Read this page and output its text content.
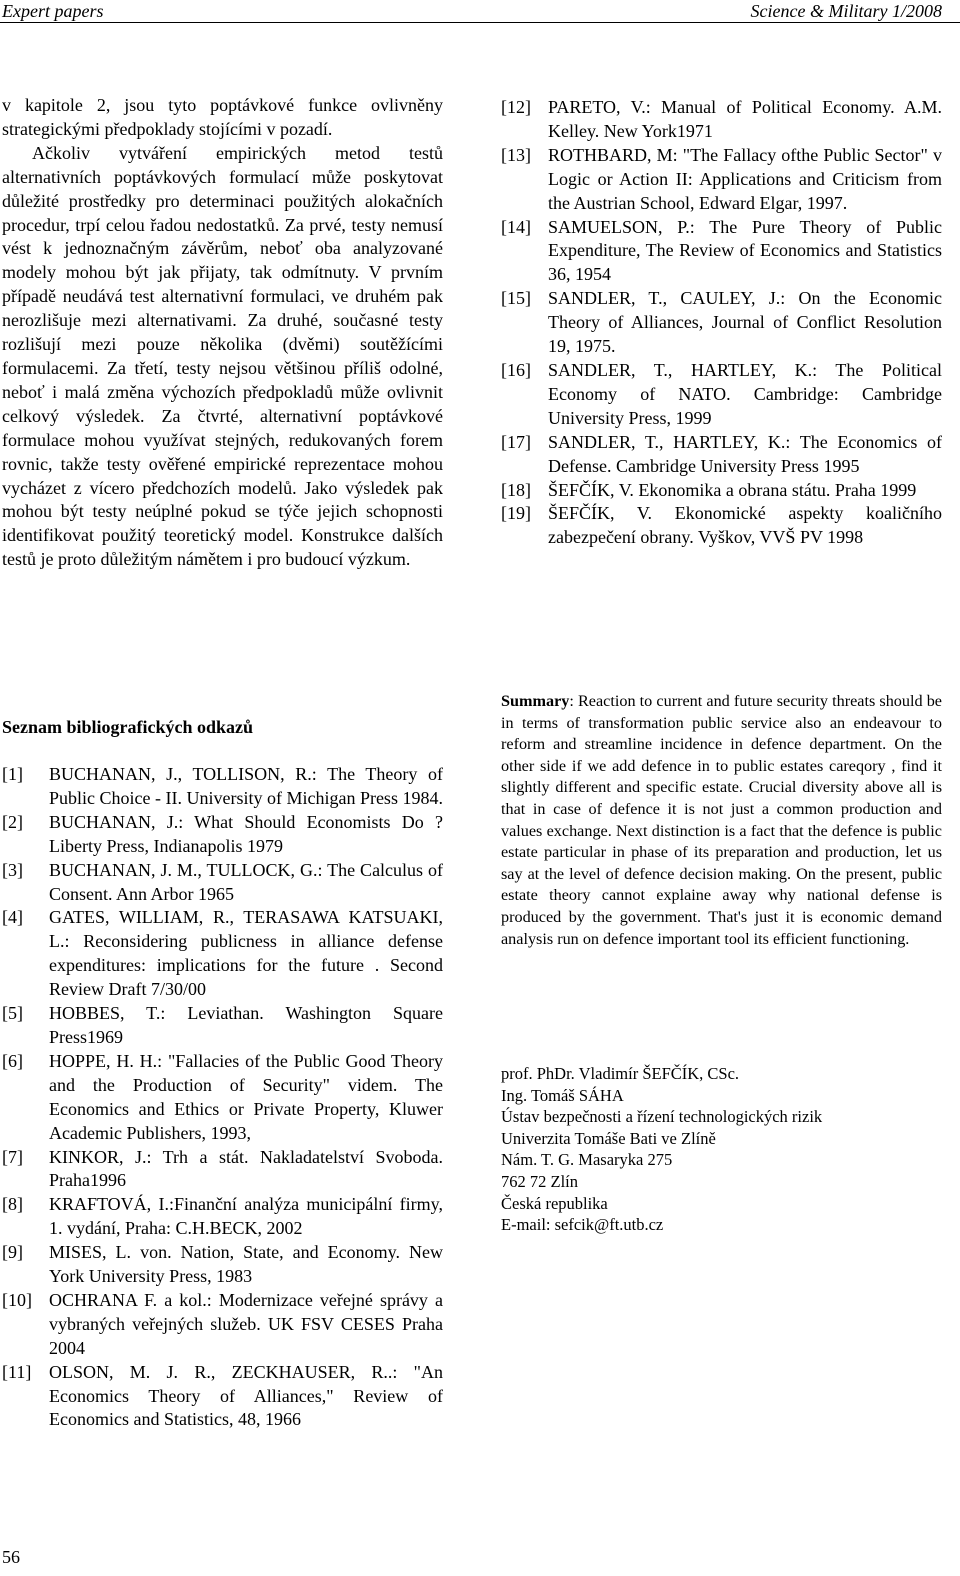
Expert papers	Science & Military 1/2008

v kapitole 2, jsou tyto poptávkové funkce ovlivněny strategickými předpoklady stojícími v pozadí.

Ačkoliv vytváření empirických metod testů alternativních poptávkových formulací může poskytovat důležité prostředky pro determinaci použitých alokačních procedur, trpí celou řadou nedostatků. Za prvé, testy nemusí vést k jednoznačným závěrům, neboť oba analyzované modely mohou být jak přijaty, tak odmítnuty. V prvním případě neudává test alternativní formulaci, ve druhém pak nerozlišuje mezi alternativami. Za druhé, současné testy rozlišují mezi pouze několika (dvěmi) soutěžícími formulacemi. Za třetí, testy nejsou většinou příliš odolné, neboť i malá změna výchozích předpokladů může ovlivnit celkový výsledek. Za čtvrté, alternativní poptávkové formulace mohou využívat stejných, redukovaných forem rovnic, takže testy ověřené empirické reprezentace mohou vycházet z vícero předchozích modelů. Jako výsledek pak mohou být testy neúplné pokud se týče jejich schopnosti identifikovat použitý teoretický model. Konstrukce dalších testů je proto důležitým námětem i pro budoucí výzkum.

Seznam bibliografických odkazů
[1] BUCHANAN, J., TOLLISON, R.: The Theory of Public Choice - II. University of Michigan Press 1984.
[2] BUCHANAN, J.: What Should Economists Do ? Liberty Press, Indianapolis 1979
[3] BUCHANAN, J. M., TULLOCK, G.: The Calculus of Consent. Ann Arbor 1965
[4] GATES, WILLIAM, R., TERASAWA KATSUAKI, L.: Reconsidering publicness in alliance defense expenditures: implications for the future . Second Review Draft 7/30/00
[5] HOBBES, T.: Leviathan. Washington Square Press1969
[6] HOPPE, H. H.: "Fallacies of the Public Good Theory and the Production of Security" videm. The Economics and Ethics or Private Property, Kluwer Academic Publishers, 1993,
[7] KINKOR, J.: Trh a stát. Nakladatelství Svoboda. Praha1996
[8] KRAFTOVÁ, I.:Finanční analýza municipální firmy, 1. vydání, Praha: C.H.BECK, 2002
[9] MISES, L. von. Nation, State, and Economy. New York University Press, 1983
[10] OCHRANA F. a kol.: Modernizace veřejné správy a vybraných veřejných služeb. UK FSV CESES Praha 2004
[11] OLSON, M. J. R., ZECKHAUSER, R..: "An Economics Theory of Alliances," Review of Economics and Statistics, 48, 1966
[12] PARETO, V.: Manual of Political Economy. A.M. Kelley. New York1971
[13] ROTHBARD, M: "The Fallacy ofthe Public Sector" v Logic or Action II: Applications and Criticism from the Austrian School, Edward Elgar, 1997.
[14] SAMUELSON, P.: The Pure Theory of Public Expenditure, The Review of Economics and Statistics 36, 1954
[15] SANDLER, T., CAULEY, J.: On the Economic Theory of Alliances, Journal of Conflict Resolution 19, 1975.
[16] SANDLER, T., HARTLEY, K.: The Political Economy of NATO. Cambridge: Cambridge University Press, 1999
[17] SANDLER, T., HARTLEY, K.: The Economics of Defense. Cambridge University Press 1995
[18] ŠEFČÍK, V. Ekonomika a obrana státu. Praha 1999
[19] ŠEFČÍK, V. Ekonomické aspekty koaličního zabezpečení obrany. Vyškov, VVŠ PV 1998

Summary: Reaction to current and future security threats should be in terms of transformation public service also an endeavour to reform and streamline incidence in defence department. On the other side if we add defence in to public estates careqory , find it slightly different and specific estate. Crucial diversity above all is that in case of defence it is not just a common production and values exchange. Next distinction is a fact that the defence is public estate particular in phase of its preparation and production, let us say at the level of defence decision making. On the present, public estate theory cannot explaine away why national defense is produced by the government. That's just it is economic demand analysis run on defence important tool its efficient functioning.

prof. PhDr. Vladimír ŠEFČÍK, CSc.
Ing. Tomáš SÁHA
Ústav bezpečnosti a řízení technologických rizik
Univerzita Tomáše Bati ve Zlíně
Nám. T. G. Masaryka 275
762 72 Zlín
Česká republika
E-mail: sefcik@ft.utb.cz
56
